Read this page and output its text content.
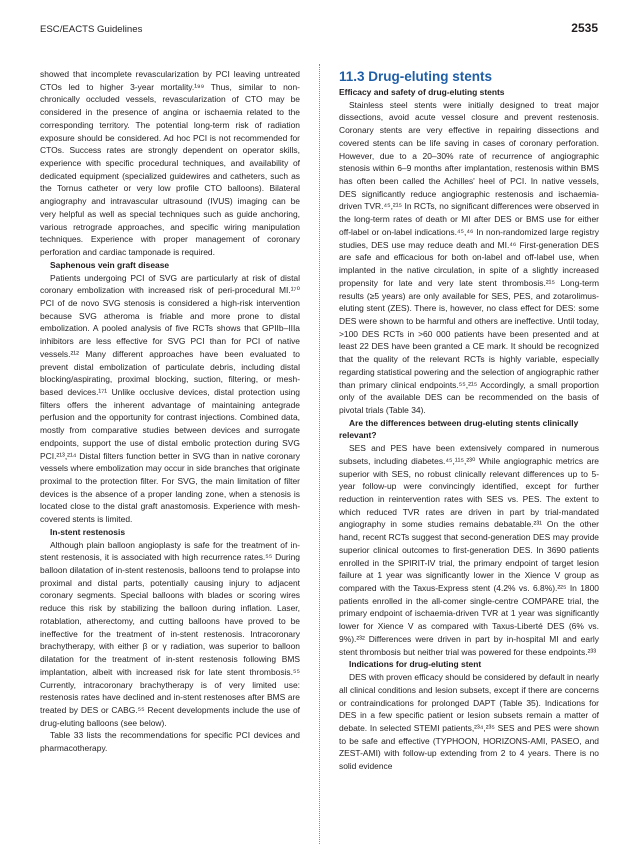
ESC/EACTS Guidelines	2535

showed that incomplete revascularization by PCI leaving untreated CTOs led to higher 3-year mortality.¹⁹⁹ Thus, similar to non-chronically occluded vessels, revascularization of CTO may be considered in the presence of angina or ischaemia related to the corresponding territory. The potential long-term risk of radiation exposure should be considered. Ad hoc PCI is not recommended for CTOs. Success rates are strongly dependent on operator skills, experience with specific procedural techniques, and availability of dedicated equipment (specialized guidewires and catheters, such as the Tornus catheter or very low profile CTO balloons). Bilateral angiography and intravascular ultrasound (IVUS) imaging can be very helpful as well as special techniques such as guide anchoring, various retrograde approaches, and specific wiring manipulation techniques. Experience with proper management of coronary perforation and cardiac tamponade is required.

Saphenous vein graft disease

Patients undergoing PCI of SVG are particularly at risk of distal coronary embolization with increased risk of peri-procedural MI.¹⁷⁰ PCI of de novo SVG stenosis is considered a high-risk intervention because SVG atheroma is friable and more prone to distal embolization. A pooled analysis of five RCTs shows that GPIIb–IIIa inhibitors are less effective for SVG PCI than for PCI of native vessels.²¹² Many different approaches have been evaluated to prevent distal embolization of particulate debris, including distal blocking/aspirating, proximal blocking, suction, filtering, or mesh-based devices.¹⁷¹ Unlike occlusive devices, distal protection using filters offers the inherent advantage of maintaining antegrade perfusion and the opportunity for contrast injections. Combined data, mostly from comparative studies between devices and surrogate endpoints, support the use of distal embolic protection during SVG PCI.²¹³,²¹⁴ Distal filters function better in SVG than in native coronary vessels where embolization may occur in side branches that originate proximal to the protection filter. For SVG, the main limitation of filter devices is the absence of a proper landing zone, when a stenosis is located close to the distal graft anastomosis. Experience with mesh-covered stents is limited.

In-stent restenosis

Although plain balloon angioplasty is safe for the treatment of in-stent restenosis, it is associated with high recurrence rates.⁵⁵ During balloon dilatation of in-stent restenosis, balloons tend to prolapse into proximal and distal parts, potentially causing injury to adjacent coronary segments. Special balloons with blades or scoring wires reduce this risk by stabilizing the balloon during inflation. Laser, rotablation, atherectomy, and cutting balloons have proved to be ineffective for the treatment of in-stent restenosis. Intracoronary brachytherapy, with either β or γ radiation, was superior to balloon dilatation for the treatment of in-stent restenosis following BMS implantation, albeit with increased risk for late stent thrombosis.⁵⁵ Currently, intracoronary brachytherapy is of very limited use: restenosis rates have declined and in-stent restenoses after BMS are treated by DES or CABG.⁵⁵ Recent developments include the use of drug-eluting balloons (see below).

Table 33 lists the recommendations for specific PCI devices and pharmacotherapy.

11.3 Drug-eluting stents

Efficacy and safety of drug-eluting stents

Stainless steel stents were initially designed to treat major dissections, avoid acute vessel closure and prevent restenosis. Coronary stents are very effective in repairing dissections and covered stents can be life saving in cases of coronary perforation. However, due to a 20–30% rate of recurrence of angiographic stenosis within 6–9 months after implantation, restenosis within BMS has often been called the Achilles' heel of PCI. In native vessels, DES significantly reduce angiographic restenosis and ischaemia-driven TVR.⁴⁵,²¹⁵ In RCTs, no significant differences were observed in the long-term rates of death or MI after DES or BMS use for either off-label or on-label indications.⁴⁵,⁴⁶ In non-randomized large registry studies, DES use may reduce death and MI.⁴⁶ First-generation DES are safe and efficacious for both on-label and off-label use, when implanted in the native circulation, in spite of a slightly increased propensity for late and very late stent thrombosis.²¹⁵ Long-term results (≥5 years) are only available for SES, PES, and zotarolimus-eluting stent (ZES). There is, however, no class effect for DES: some DES were shown to be harmful and others are ineffective. Until today, >100 DES RCTs in >60 000 patients have been presented and at least 22 DES have been granted a CE mark. It should be recognized that the quality of the relevant RCTs is highly variable, especially regarding statistical powering and the selection of angiographic rather than primary clinical endpoints.⁵⁵,²¹⁵ Accordingly, a small proportion only of the available DES can be recommended on the basis of pivotal trials (Table 34).

Are the differences between drug-eluting stents clinically relevant?

SES and PES have been extensively compared in numerous subsets, including diabetes.⁴⁵,¹¹⁵,²³⁰ While angiographic metrics are superior with SES, no robust clinically relevant differences up to 5-year follow-up were convincingly identified, except for further reduction in reintervention rates with SES vs. PES. The extent to which reduced TVR rates are driven in part by trial-mandated angiography in some studies remains debatable.²³¹ On the other hand, recent RCTs suggest that second-generation DES may provide superior clinical outcomes to first-generation DES. In 3690 patients enrolled in the SPIRIT-IV trial, the primary endpoint of target lesion failure at 1 year was significantly lower in the Xience V group as compared with the Taxus-Express stent (4.2% vs. 6.8%).²²⁵ In 1800 patients enrolled in the all-comer single-centre COMPARE trial, the primary endpoint of ischaemia-driven TVR at 1 year was significantly lower for Xience V as compared with Taxus-Liberté DES (6% vs. 9%).²³² Differences were driven in part by in-hospital MI and early stent thrombosis but neither trial was powered for these endpoints.²³³

Indications for drug-eluting stent

DES with proven efficacy should be considered by default in nearly all clinical conditions and lesion subsets, except if there are concerns or contraindications for prolonged DAPT (Table 35). Indications for DES in a few specific patient or lesion subsets remain a matter of debate. In selected STEMI patients,²³⁴,²³⁵ SES and PES were shown to be safe and effective (TYPHOON, HORIZONS-AMI, PASEO, and ZEST-AMI) with follow-up extending from 2 to 4 years. There is no solid evidence
